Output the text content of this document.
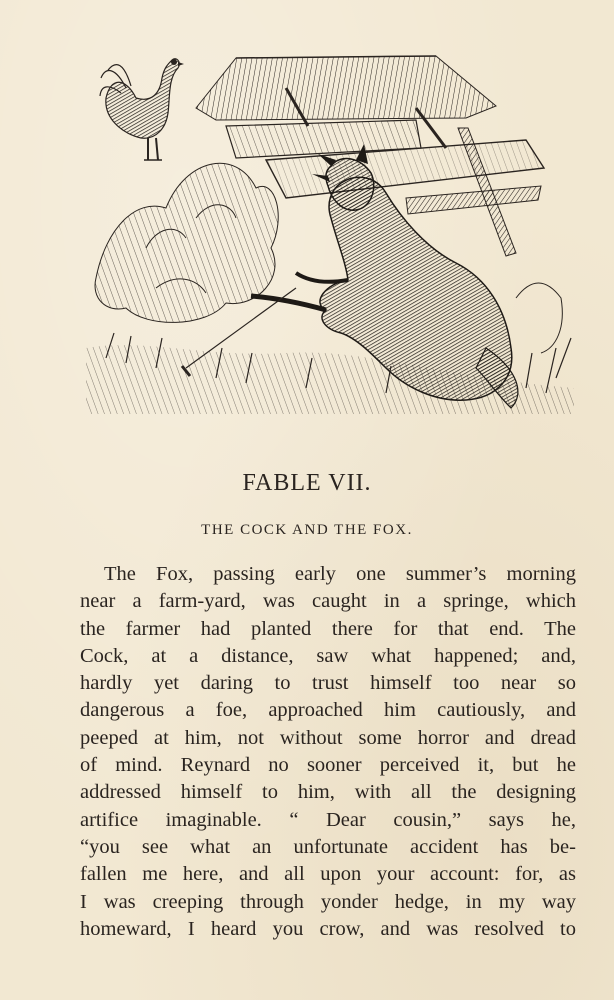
FABLE VII.
THE COCK AND THE FOX.
The Fox, passing early one summer’s morning
near a farm-yard, was caught in a springe, which
the farmer had planted there for that end. The
Cock, at a distance, saw what happened; and,
hardly yet daring to trust himself too near so
dangerous a foe, approached him cautiously, and
peeped at him, not without some horror and dread
of mind. Reynard no sooner perceived it, but he
addressed himself to him, with all the designing
artifice imaginable. “ Dear cousin,” says he,
“you see what an unfortunate accident has be-
fallen me here, and all upon your account: for, as
I was creeping through yonder hedge, in my way
homeward, I heard you crow, and was resolved to
